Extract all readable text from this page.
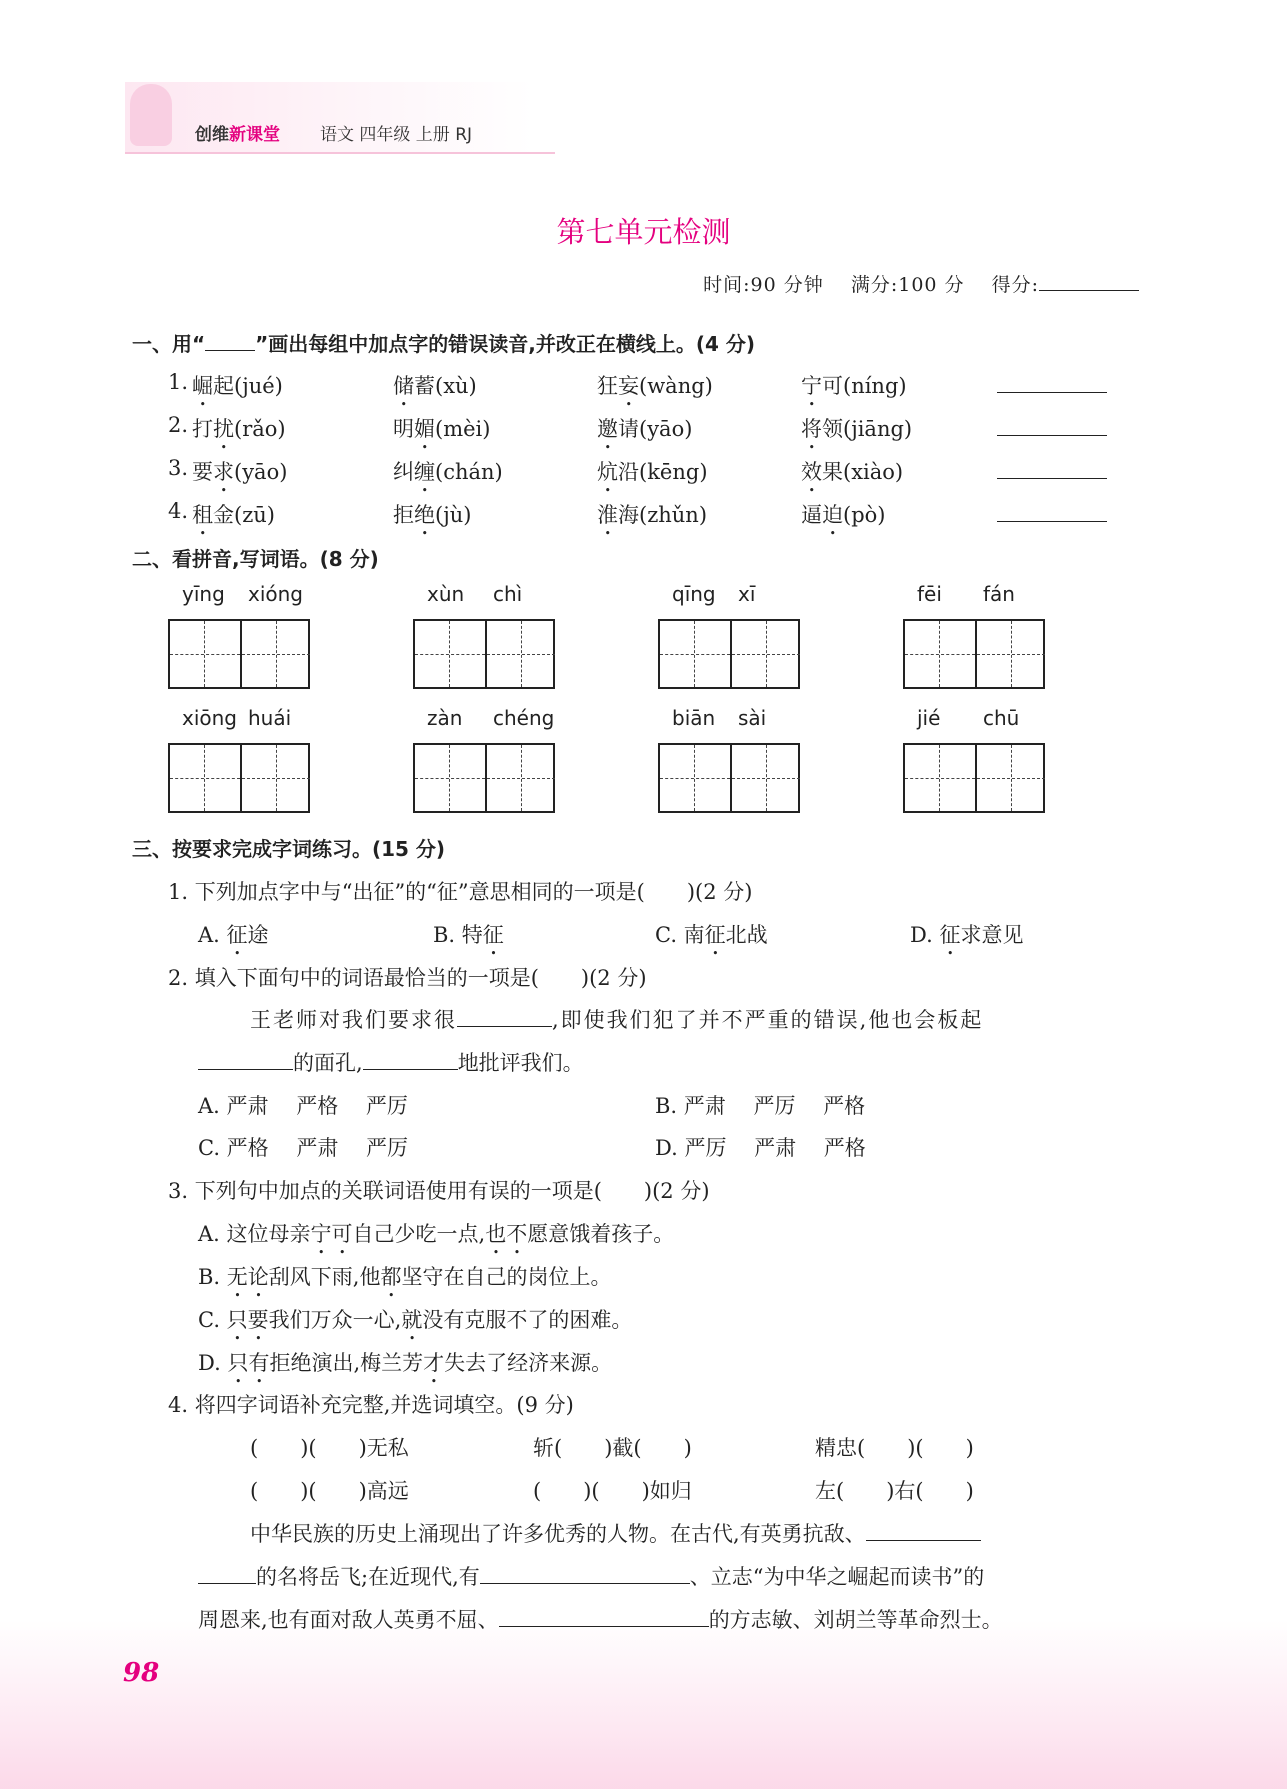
创维新课堂 语文 四年级 上册 RJ
第七单元检测
时间:90 分钟　 满分:100 分　 得分:
一、用“	”画出每组中加点字的错误读音,并改正在横线上。(4 分)
二、看拼音,写词语。(8 分)
三、按要求完成字词练习。(15 分)
98
1. 崛起(jué)	储蓄(xù)	狂妄(wàng)	宁可(níng)
2. 打扰(rǎo)	明媚(mèi)	邀请(yāo)	将领(jiāng)
3. 要求(yāo)	纠缠(chán)	炕沿(kēng)	效果(xiào)
4. 租金(zū)	拒绝(jù)	淮海(zhǔn)	逼迫(pò)
yīng xióng	xùn chì	qīng xī	fēi fán
xiōng huái	zàn chéng	biān sài	jié chū
1. 下列加点字中与“出征”的“征”意思相同的一项是(　　)(2 分)
A. 征途	B. 特征	C. 南征北战	D. 征求意见
2. 填入下面句中的词语最恰当的一项是(　　)(2 分)
王老师对我们要求很	,即使我们犯了并不严重的错误,他也会板起
的面孔,	地批评我们。
A. 严肃　 严格　 严厉	B. 严肃　 严厉　 严格
C. 严格　 严肃　 严厉	D. 严厉　 严肃　 严格
3. 下列句中加点的关联词语使用有误的一项是(　　)(2 分)
A. 这位母亲宁可自己少吃一点,也不愿意饿着孩子。
B. 无论刮风下雨,他都坚守在自己的岗位上。
C. 只要我们万众一心,就没有克服不了的困难。
D. 只有拒绝演出,梅兰芳才失去了经济来源。
4. 将四字词语补充完整,并选词填空。(9 分)
(　　)(　　)无私	斩(　　)截(　　)	精忠(　　)(　　)
(　　)(　　)高远	(　　)(　　)如归	左(　　)右(　　)
中华民族的历史上涌现出了许多优秀的人物。在古代,有英勇抗敌、
的名将岳飞;在近现代,有	、立志“为中华之崛起而读书”的
周恩来,也有面对敌人英勇不屈、	的方志敏、刘胡兰等革命烈士。
